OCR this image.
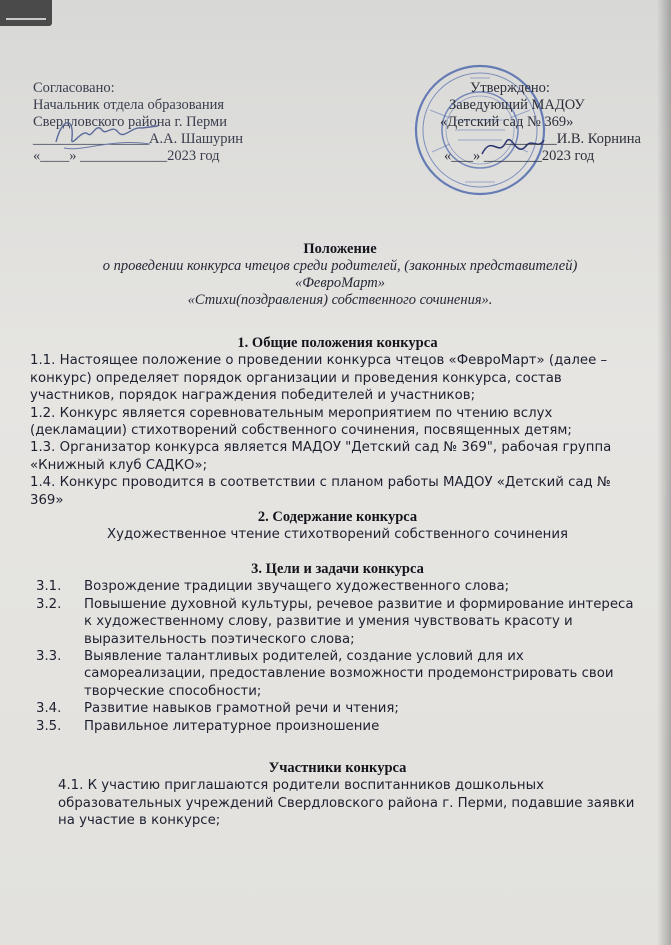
Согласовано:
Начальник отдела образования
Свердловского района г. Перми
________________А.А. Шашурин
«____» ____________2023 год
Утверждено:
Заведующий МАДОУ
«Детский сад № 369»
_______И.В. Корнина
«___» ________2023 год
Положение
о проведении конкурса чтецов среди родителей, (законных представителей)
«ФевроМарт»
«Стихи(поздравления) собственного сочинения».
1. Общие положения конкурса

1.1. Настоящее положение о проведении конкурса чтецов «ФевроМарт» (далее – конкурс) определяет порядок организации и проведения конкурса, состав участников, порядок награждения победителей и участников;

1.2. Конкурс является соревновательным мероприятием по чтению вслух (декламации) стихотворений собственного сочинения, посвященных детям;

1.3. Организатор конкурса является МАДОУ "Детский сад № 369", рабочая группа «Книжный клуб САДКО»;

1.4. Конкурс проводится в соответствии с планом работы МАДОУ «Детский сад № 369»

2. Содержание конкурса
Художественное чтение стихотворений собственного сочинения
3. Цели и задачи конкурса
3.1.	Возрождение традиции звучащего художественного слова;
3.2.	Повышение духовной культуры, речевое развитие и формирование интереса к художественному слову, развитие и умения чувствовать красоту и выразительность поэтического слова;
3.3.	Выявление талантливых родителей, создание условий для их самореализации, предоставление возможности продемонстрировать свои творческие способности;
3.4.	Развитие навыков грамотной речи и чтения;
3.5.	Правильное литературное произношение
Участники конкурса

4.1. К участию приглашаются родители воспитанников дошкольных образовательных учреждений Свердловского района г. Перми, подавшие заявки на участие в конкурсе;
